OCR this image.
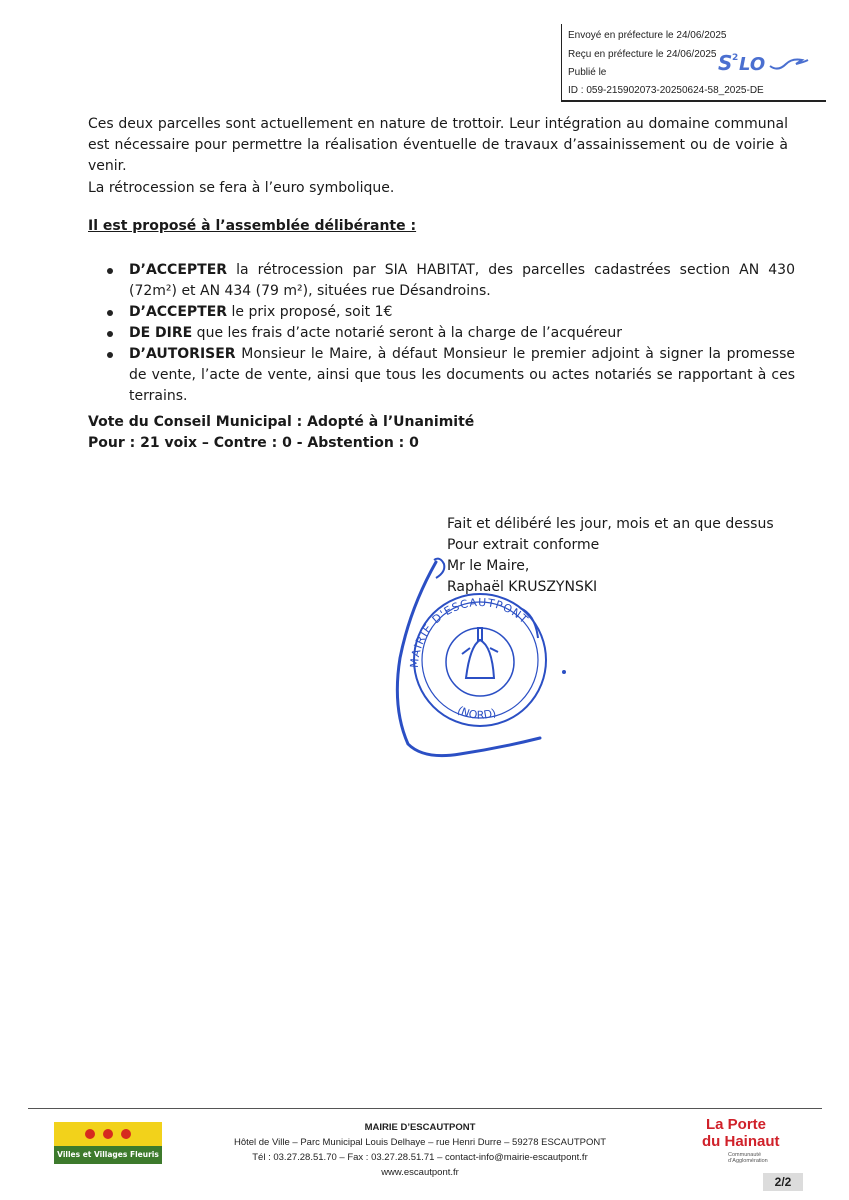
Envoyé en préfecture le 24/06/2025
Reçu en préfecture le 24/06/2025
Publié le
ID : 059-215902073-20250624-58_2025-DE
S 2 LO
Ces deux parcelles sont actuellement en nature de trottoir. Leur intégration au domaine communal est nécessaire pour permettre la réalisation éventuelle de travaux d’assainissement ou de voirie à venir.
La rétrocession se fera à l’euro symbolique.
Il est proposé à l’assemblée délibérante :
D’ACCEPTER la rétrocession par SIA HABITAT, des parcelles cadastrées section AN 430 (72m²) et AN 434 (79 m²), situées rue Désandroins.
D’ACCEPTER le prix proposé, soit 1€
DE DIRE que les frais d’acte notarié seront à la charge de l’acquéreur
D’AUTORISER Monsieur le Maire, à défaut Monsieur le premier adjoint à signer la promesse de vente, l’acte de vente, ainsi que tous les documents ou actes notariés se rapportant à ces terrains.
Vote du Conseil Municipal : Adopté à l’Unanimité
Pour : 21 voix – Contre : 0 - Abstention : 0
Fait et délibéré les jour, mois et an que dessus
Pour extrait conforme
Mr le Maire,
Raphaël KRUSZYNSKI
MAIRIE D'ESCAUTPONT
(NORD)
Villes et Villages Fleuris
MAIRIE D’ESCAUTPONT
Hôtel de Ville – Parc Municipal Louis Delhaye – rue Henri Durre – 59278 ESCAUTPONT
Tél : 03.27.28.51.70 – Fax : 03.27.28.51.71 – contact-info@mairie-escautpont.fr
www.escautpont.fr
La Porte
du Hainaut
Communauté d’Agglomération
2/2
